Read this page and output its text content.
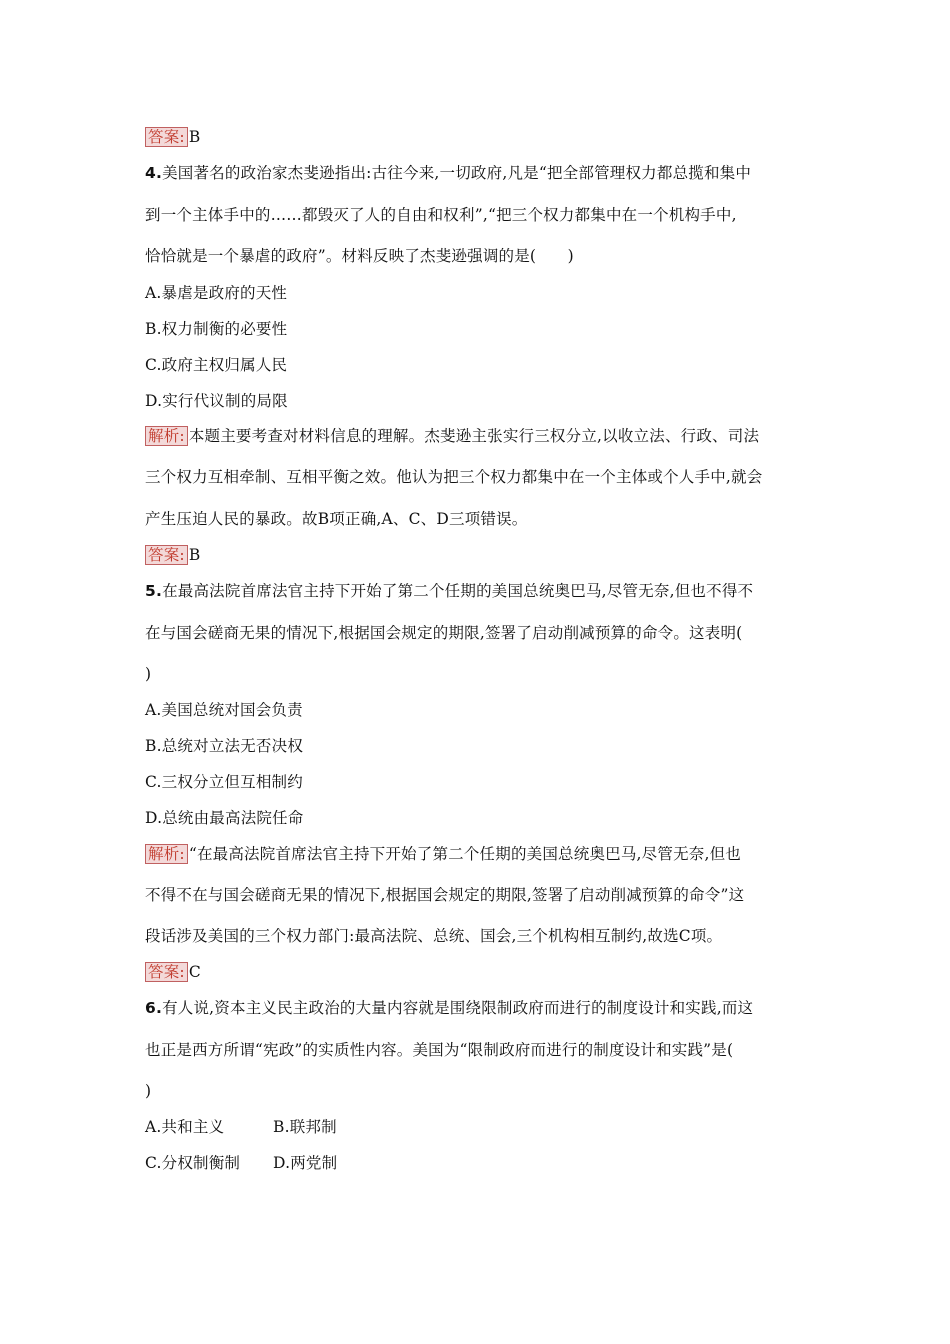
答案: B
4.美国著名的政治家杰斐逊指出:古往今来,一切政府,凡是“把全部管理权力都总揽和集中
到一个主体手中的……都毁灭了人的自由和权利”,“把三个权力都集中在一个机构手中,
恰恰就是一个暴虐的政府”。材料反映了杰斐逊强调的是(　　)
A.暴虐是政府的天性
B.权力制衡的必要性
C.政府主权归属人民
D.实行代议制的局限
解析: 本题主要考查对材料信息的理解。杰斐逊主张实行三权分立,以收立法、行政、司法
三个权力互相牵制、互相平衡之效。他认为把三个权力都集中在一个主体或个人手中,就会
产生压迫人民的暴政。故B项正确,A、C、D三项错误。
答案: B
5.在最高法院首席法官主持下开始了第二个任期的美国总统奥巴马,尽管无奈,但也不得不
在与国会磋商无果的情况下,根据国会规定的期限,签署了启动削减预算的命令。这表明(
)
A.美国总统对国会负责
B.总统对立法无否决权
C.三权分立但互相制约
D.总统由最高法院任命
解析: “在最高法院首席法官主持下开始了第二个任期的美国总统奥巴马,尽管无奈,但也
不得不在与国会磋商无果的情况下,根据国会规定的期限,签署了启动削减预算的命令”这
段话涉及美国的三个权力部门:最高法院、总统、国会,三个机构相互制约,故选C项。
答案: C
6.有人说,资本主义民主政治的大量内容就是围绕限制政府而进行的制度设计和实践,而这
也正是西方所谓“宪政”的实质性内容。美国为“限制政府而进行的制度设计和实践”是(
)
A.共和主义	B.联邦制
C.分权制衡制 D.两党制
